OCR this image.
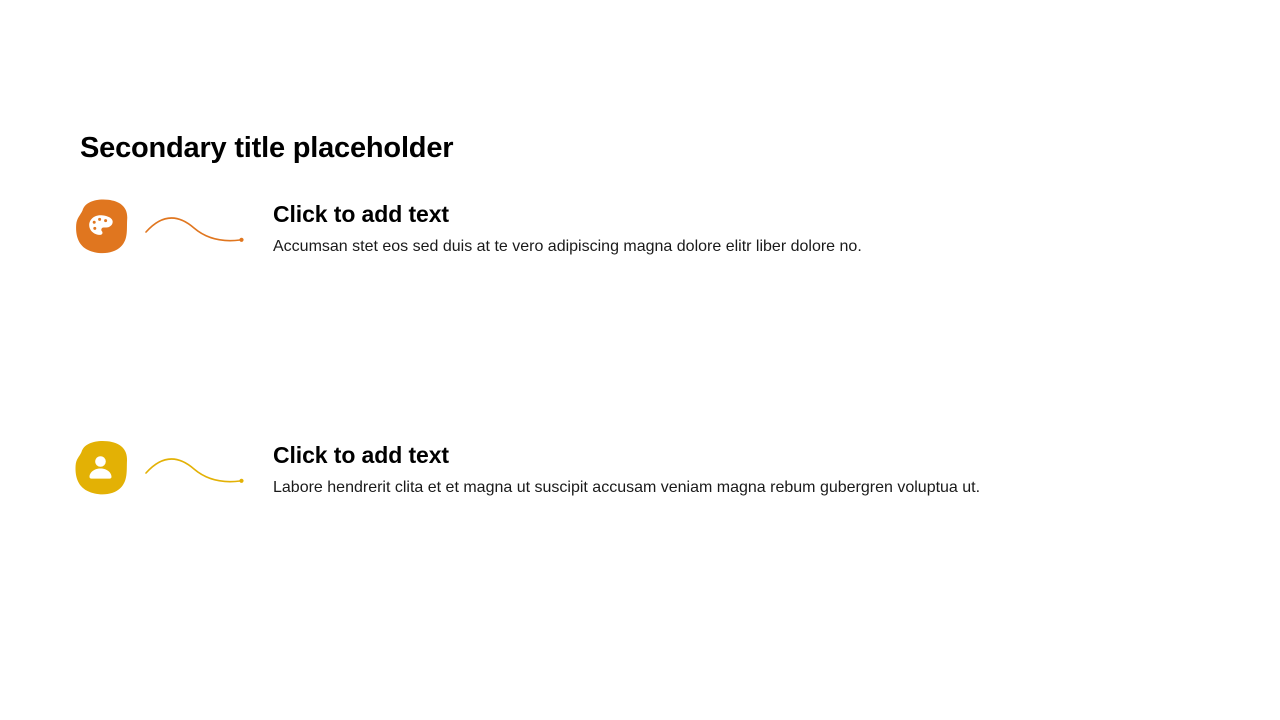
Secondary title placeholder

Click to add text

Accumsan stet eos sed duis at te vero adipiscing magna dolore elitr liber dolore no.

Click to add text

Labore hendrerit clita et et magna ut suscipit accusam veniam magna rebum gubergren voluptua ut.
